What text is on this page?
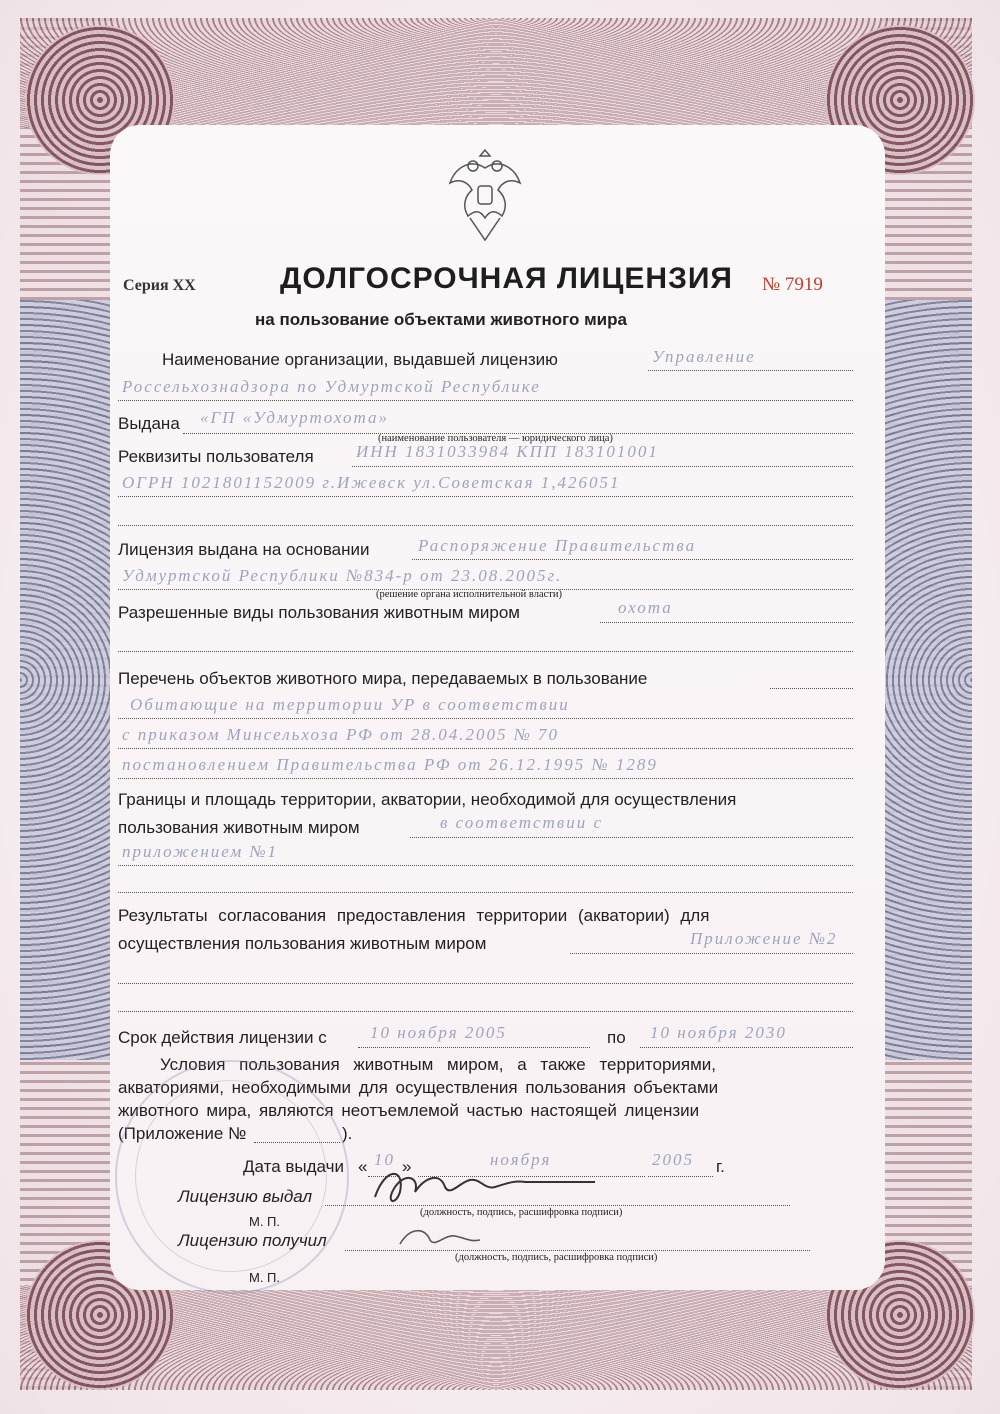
Серия XX	ДОЛГОСРОЧНАЯ ЛИЦЕНЗИЯ № 7919
на пользование объектами животного мира
Наименование организации, выдавшей лицензию	Управление
Россельхознадзора по Удмуртской Республике
Выдана «ГП «Удмуртохота»
(наименование пользователя — юридического лица)
Реквизиты пользователя ИНН 1831033984 КПП 183101001
ОГРН 1021801152009 г.Ижевск ул.Советская 1,426051
Лицензия выдана на основании	Распоряжение Правительства
Удмуртской Республики №834-р от 23.08.2005г.
(решение органа исполнительной власти)
Разрешенные виды пользования животным миром	охота
Перечень объектов животного мира, передаваемых в пользование
Обитающие на территории УР в соответствии
с приказом Минсельхоза РФ от 28.04.2005 № 70
постановлением Правительства РФ от 26.12.1995 № 1289
Границы и площадь территории, акватории, необходимой для осуществления
пользования животным миром	в соответствии с
приложением №1
Результаты согласования предоставления территории (акватории) для
осуществления пользования животным миром	Приложение №2
Срок действия лицензии с	10 ноября 2005	по 10 ноября 2030
Условия пользования животным миром, а также территориями,
акваториями, необходимыми для осуществления пользования объектами
животного мира, являются неотъемлемой частью настоящей лицензии
(Приложение №	).
Дата выдачи « 10 »	ноября	2005 г.
Лицензию выдал
(должность, подпись, расшифровка подписи)
М. П.
Лицензию получил
(должность, подпись, расшифровка подписи)
М. П.
